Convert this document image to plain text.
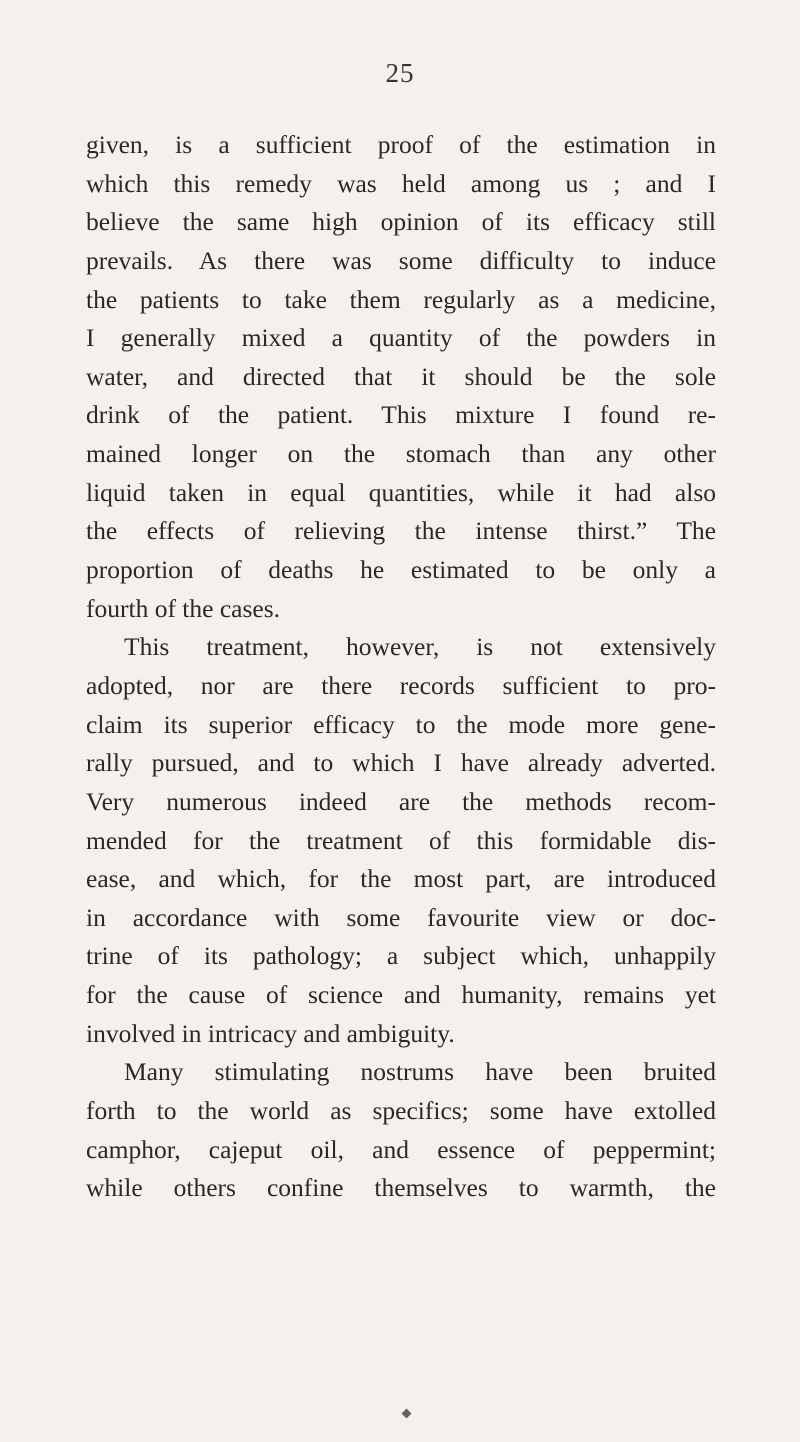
25
given, is a sufficient proof of the estimation in
which this remedy was held among us ; and I
believe the same high opinion of its efficacy still
prevails. As there was some difficulty to induce
the patients to take them regularly as a medicine,
I generally mixed a quantity of the powders in
water, and directed that it should be the sole
drink of the patient. This mixture I found re-
mained longer on the stomach than any other
liquid taken in equal quantities, while it had also
the effects of relieving the intense thirst.” The
proportion of deaths he estimated to be only a
fourth of the cases.
This treatment, however, is not extensively
adopted, nor are there records sufficient to pro-
claim its superior efficacy to the mode more gene-
rally pursued, and to which I have already adverted.
Very numerous indeed are the methods recom-
mended for the treatment of this formidable dis-
ease, and which, for the most part, are introduced
in accordance with some favourite view or doc-
trine of its pathology; a subject which, unhappily
for the cause of science and humanity, remains yet
involved in intricacy and ambiguity.
Many stimulating nostrums have been bruited
forth to the world as specifics; some have extolled
camphor, cajeput oil, and essence of peppermint;
while others confine themselves to warmth, the
